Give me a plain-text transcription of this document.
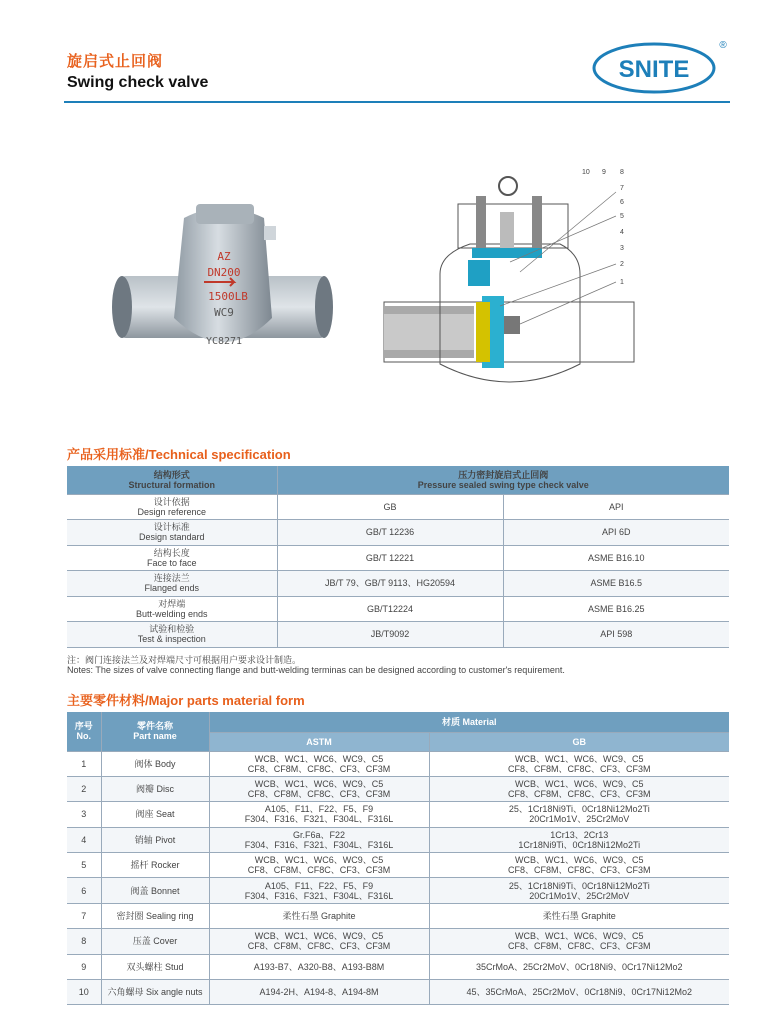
旋启式止回阀
Swing check valve	SNITE
®
AZ
DN200
1500LB
WC9
YC8271
10 9 8
7
6
5
4
3
2
1
产品采用标准/Technical specification
结构形式
Structural formation	压力密封旋启式止回阀
Pressure sealed swing type check valve	

设计依据
Design reference	GB	API

设计标准
Design standard	GB/T 12236	API 6D

结构长度
Face to face	GB/T 12221	ASME B16.10

连接法兰
Flanged ends	JB/T 79、GB/T 9113、HG20594	ASME B16.5

对焊端
Butt-welding ends	GB/T12224	ASME B16.25

试验和检验
Test & inspection	JB/T9092	API 598
注：阀门连接法兰及对焊端尺寸可根据用户要求设计制造。
Notes: The sizes of valve connecting flange and butt-welding terminas can be designed according to customer's requirement.
主要零件材料/Major parts material form
序号
No.	零件名称
Part name	材质 Material	
		ASTM	GB
1	阀体 Body	WCB、WC1、WC6、WC9、C5
CF8、CF8M、CF8C、CF3、CF3M	WCB、WC1、WC6、WC9、C5
CF8、CF8M、CF8C、CF3、CF3M

2	阀瓣 Disc	WCB、WC1、WC6、WC9、C5
CF8、CF8M、CF8C、CF3、CF3M	WCB、WC1、WC6、WC9、C5
CF8、CF8M、CF8C、CF3、CF3M

3	阀座 Seat	A105、F11、F22、F5、F9
F304、F316、F321、F304L、F316L	25、1Cr18Ni9Ti、0Cr18Ni12Mo2Ti
20Cr1Mo1V、25Cr2MoV

4	销轴 Pivot	Gr.F6a、F22
F304、F316、F321、F304L、F316L	1Cr13、2Cr13
1Cr18Ni9Ti、0Cr18Ni12Mo2Ti

5	摇杆 Rocker	WCB、WC1、WC6、WC9、C5
CF8、CF8M、CF8C、CF3、CF3M	WCB、WC1、WC6、WC9、C5
CF8、CF8M、CF8C、CF3、CF3M

6	阀盖 Bonnet	A105、F11、F22、F5、F9
F304、F316、F321、F304L、F316L	25、1Cr18Ni9Ti、0Cr18Ni12Mo2Ti
20Cr1Mo1V、25Cr2MoV

7	密封圈 Sealing ring	柔性石墨 Graphite	柔性石墨 Graphite

8	压盖 Cover	WCB、WC1、WC6、WC9、C5
CF8、CF8M、CF8C、CF3、CF3M	WCB、WC1、WC6、WC9、C5
CF8、CF8M、CF8C、CF3、CF3M

9	双头螺柱 Stud	A193-B7、A320-B8、A193-B8M	35CrMoA、25Cr2MoV、0Cr18Ni9、0Cr17Ni12Mo2

10	六角螺母 Six angle nuts	A194-2H、A194-8、A194-8M	45、35CrMoA、25Cr2MoV、0Cr18Ni9、0Cr17Ni12Mo2
